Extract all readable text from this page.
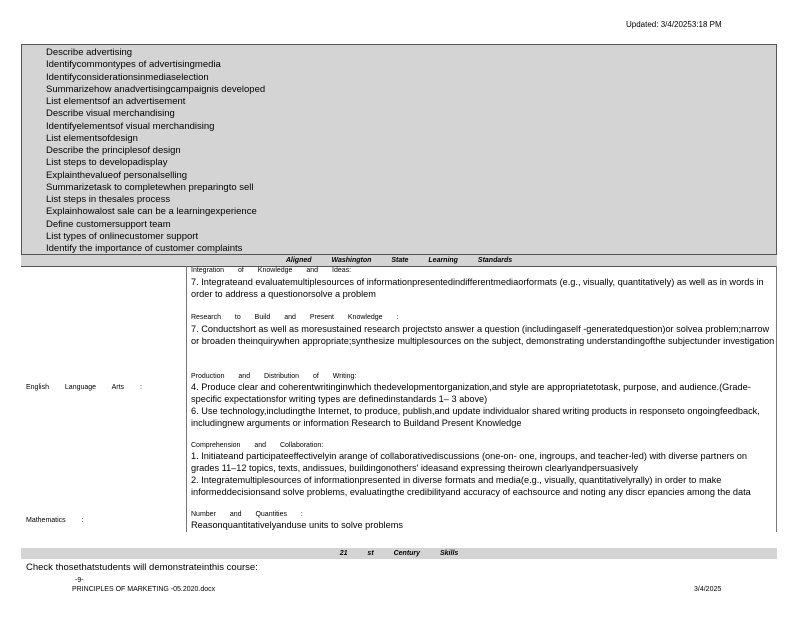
Updated: 3/4/20253:18 PM
Describe advertising
Identifycommontypes of advertisingmedia
Identifyconsiderationsinmediaselection
Summarizehow anadvertisingcampaignis developed
List elementsof an advertisement
Describe visual merchandising
Identifyelementsof visual merchandising
List elementsofdesign
Describe the principlesof design
List steps to developadisplay
Explainthevalueof personalselling
Summarizetask to completewhen preparingto sell
List steps in thesales process
Explainhowalost sale can be a learningexperience
Define customersupport team
List types of onlinecustomer support
Identify the importance of customer complaints
Aligned Washington State Learning Standards
English Language Arts :
Mathematics :
Integration of Knowledge and Ideas:
7. Integrateand evaluatemultiplesources of informationpresentedindifferentmediaorformats (e.g., visually, quantitatively) as well as in words in order to address a questionorsolve a problem
Research to Build and Present Knowledge :
7. Conductshort as well as moresustained research projectsto answer a question (includingaself -generatedquestion)or solvea problem;narrow or broaden theinquirywhen appropriate;synthesize multiplesources on the subject, demonstrating understandingofthe subjectunder investigation
Production and Distribution of Writing:
4. Produce clear and coherentwritinginwhich thedevelopmentorganization,and style are appropriatetotask, purpose, and audience.(Grade-specific expectationsfor writing types are definedinstandards 1– 3 above)
6. Use technology,includingthe Internet, to produce, publish,and update individualor shared writing products in responseto ongoingfeedback, includingnew arguments or information Research to Buildand Present Knowledge
Comprehension and Collaboration:
1. Initiateand participateeffectivelyin arange of collaborativediscussions (one-on- one, ingroups, and teacher-led) with diverse partners on grades 11–12 topics, texts, andissues, buildingonothers' ideasand expressing theirown clearlyandpersuasively
2. Integratemultiplesources of informationpresented in diverse formats and media(e.g., visually, quantitativelyrally) in order to make informeddecisionsand solve problems, evaluatingthe credibilityand accuracy of eachsource and noting any discr epancies among the data
Number and Quantities :
Reasonquantitativelyanduse units to solve problems
21 st Century Skills
Check thosethatstudents will demonstrateinthis course:
-9-
PRINCIPLES OF MARKETING -05.2020.docx	3/4/2025
